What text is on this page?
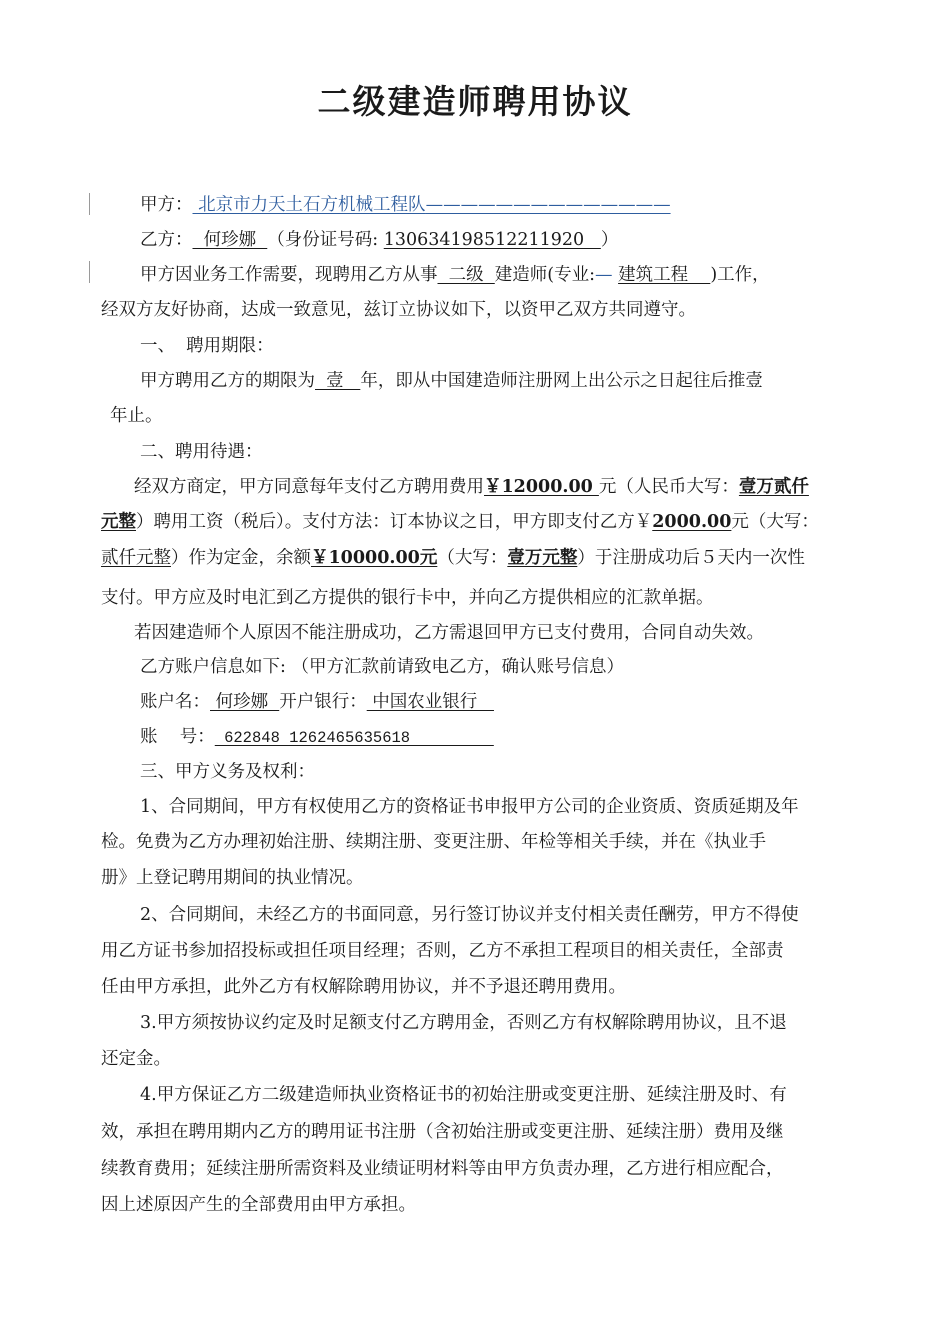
二级建造师聘用协议
甲方： 北京市力天土石方机械工程队——————————————
乙方：  何珍娜  （身份证号码: 130634198512211920   ）
甲方因业务工作需要，现聘用乙方从事  二级  建造师(专业:— 建筑工程    )工作，
经双方友好协商，达成一致意见，兹订立协议如下，以资甲乙双方共同遵守。
一、  聘用期限：
甲方聘用乙方的期限为  壹   年，即从中国建造师注册网上出公示之日起往后推壹
年止。
二、聘用待遇：
经双方商定，甲方同意每年支付乙方聘用费用￥12000.00 元（人民币大写：壹万贰仟
元整）聘用工资（税后）。支付方法：订本协议之日，甲方即支付乙方￥2000.00元（大写：
贰仟元整）作为定金，余额￥10000.00元（大写：壹万元整）于注册成功后５天内一次性
支付。甲方应及时电汇到乙方提供的银行卡中，并向乙方提供相应的汇款单据。
若因建造师个人原因不能注册成功，乙方需退回甲方已支付费用，合同自动失效。
乙方账户信息如下: （甲方汇款前请致电乙方，确认账号信息）
账户名： 何珍娜  开户银行： 中国农业银行
账    号： 622848 1262465635618
三、甲方义务及权利：
1、合同期间，甲方有权使用乙方的资格证书申报甲方公司的企业资质、资质延期及年
检。免费为乙方办理初始注册、续期注册、变更注册、年检等相关手续，并在《执业手
册》上登记聘用期间的执业情况。
2、合同期间，未经乙方的书面同意，另行签订协议并支付相关责任酬劳，甲方不得使
用乙方证书参加招投标或担任项目经理；否则，乙方不承担工程项目的相关责任，全部责
任由甲方承担，此外乙方有权解除聘用协议，并不予退还聘用费用。
3.甲方须按协议约定及时足额支付乙方聘用金，否则乙方有权解除聘用协议，且不退
还定金。
4.甲方保证乙方二级建造师执业资格证书的初始注册或变更注册、延续注册及时、有
效，承担在聘用期内乙方的聘用证书注册（含初始注册或变更注册、延续注册）费用及继
续教育费用；延续注册所需资料及业绩证明材料等由甲方负责办理，乙方进行相应配合，
因上述原因产生的全部费用由甲方承担。
